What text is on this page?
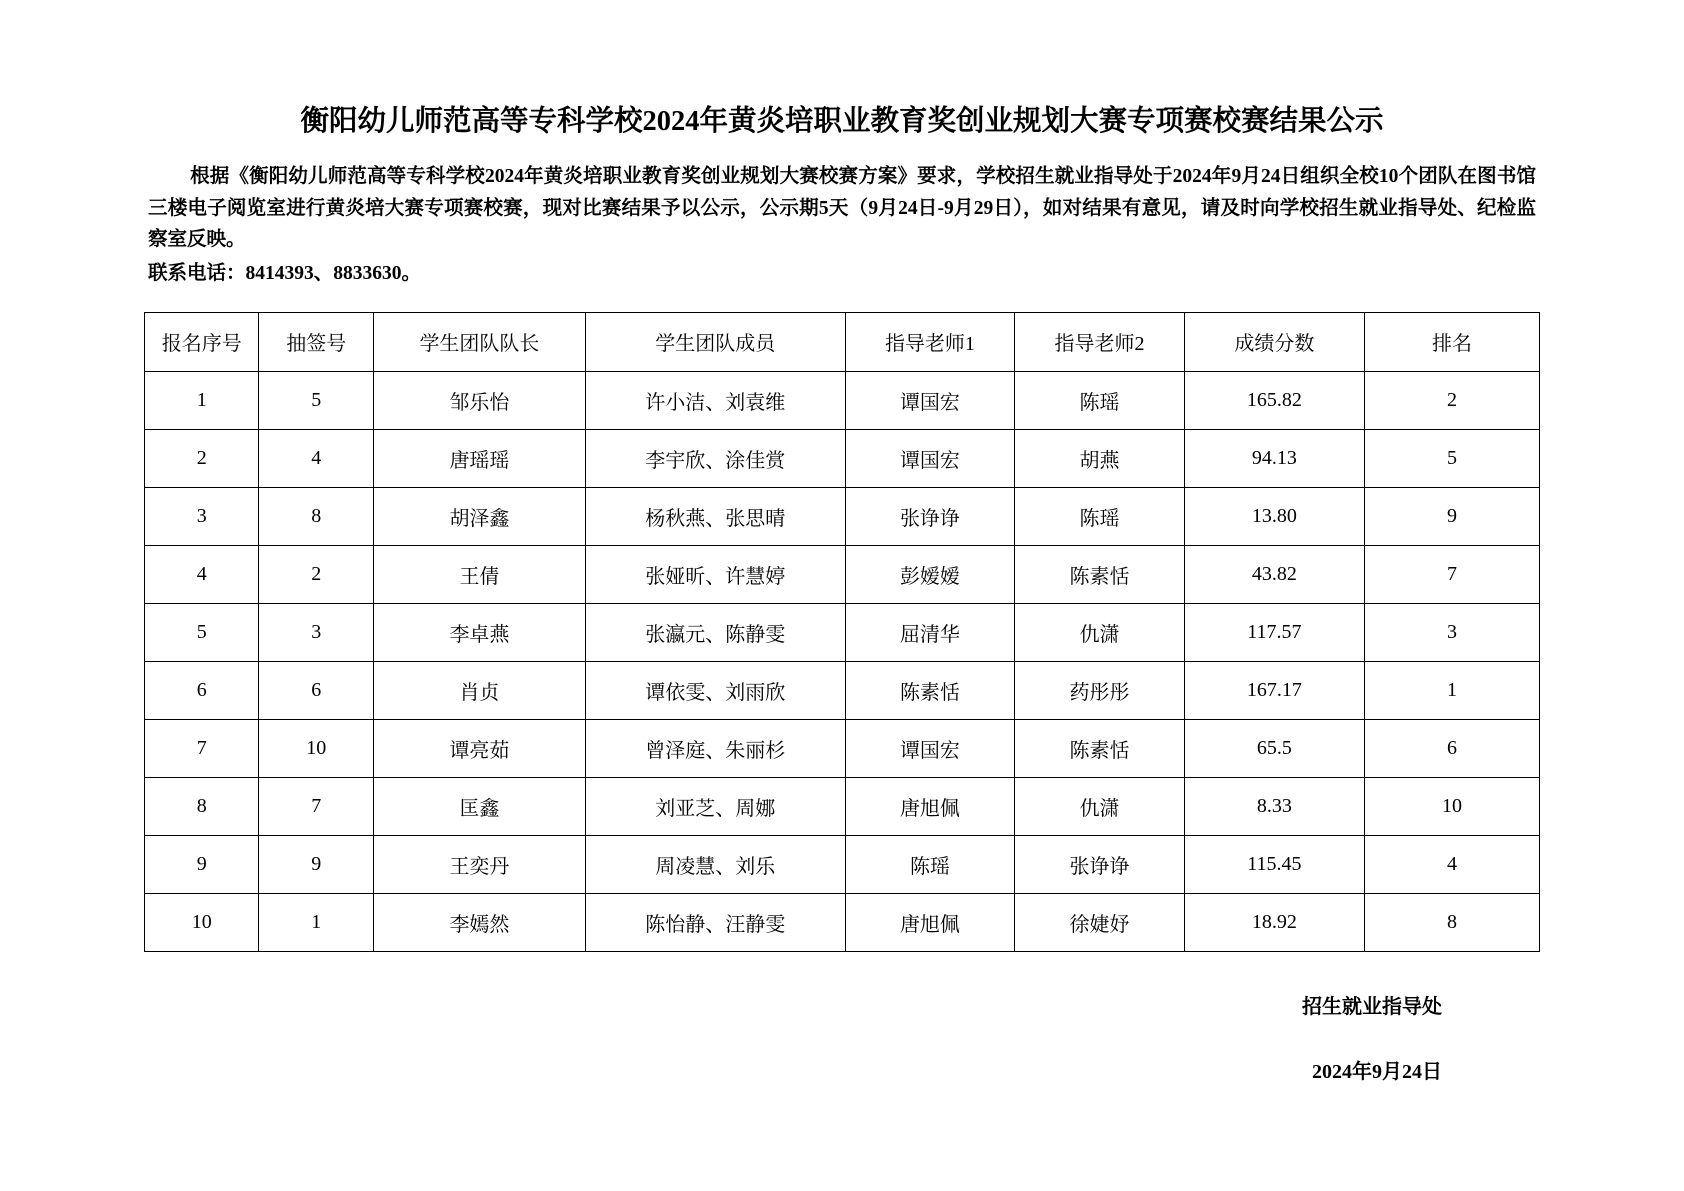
衡阳幼儿师范高等专科学校2024年黄炎培职业教育奖创业规划大赛专项赛校赛结果公示

根据《衡阳幼儿师范高等专科学校2024年黄炎培职业教育奖创业规划大赛校赛方案》要求，学校招生就业指导处于2024年9月24日组织全校10个团队在图书馆三楼电子阅览室进行黄炎培大赛专项赛校赛，现对比赛结果予以公示，公示期5天（9月24日-9月29日），如对结果有意见，请及时向学校招生就业指导处、纪检监察室反映。

联系电话：8414393、8833630。

报名序号	抽签号	学生团队队长	学生团队成员	指导老师1	指导老师2	成绩分数	排名
1	5	邹乐怡	许小洁、刘袁维	谭国宏	陈瑶	165.82	2
2	4	唐瑶瑶	李宇欣、涂佳赏	谭国宏	胡燕	94.13	5
3	8	胡泽鑫	杨秋燕、张思晴	张诤诤	陈瑶	13.80	9
4	2	王倩	张娅昕、许慧婷	彭嫒嫒	陈素恬	43.82	7
5	3	李卓燕	张瀛元、陈静雯	屈清华	仇潇	117.57	3
6	6	肖贞	谭依雯、刘雨欣	陈素恬	药彤彤	167.17	1
7	10	谭亮茹	曾泽庭、朱丽杉	谭国宏	陈素恬	65.5	6
8	7	匡鑫	刘亚芝、周娜	唐旭佩	仇潇	8.33	10
9	9	王奕丹	周凌慧、刘乐	陈瑶	张诤诤	115.45	4
10	1	李嫣然	陈怡静、汪静雯	唐旭佩	徐婕妤	18.92	8

招生就业指导处

2024年9月24日
